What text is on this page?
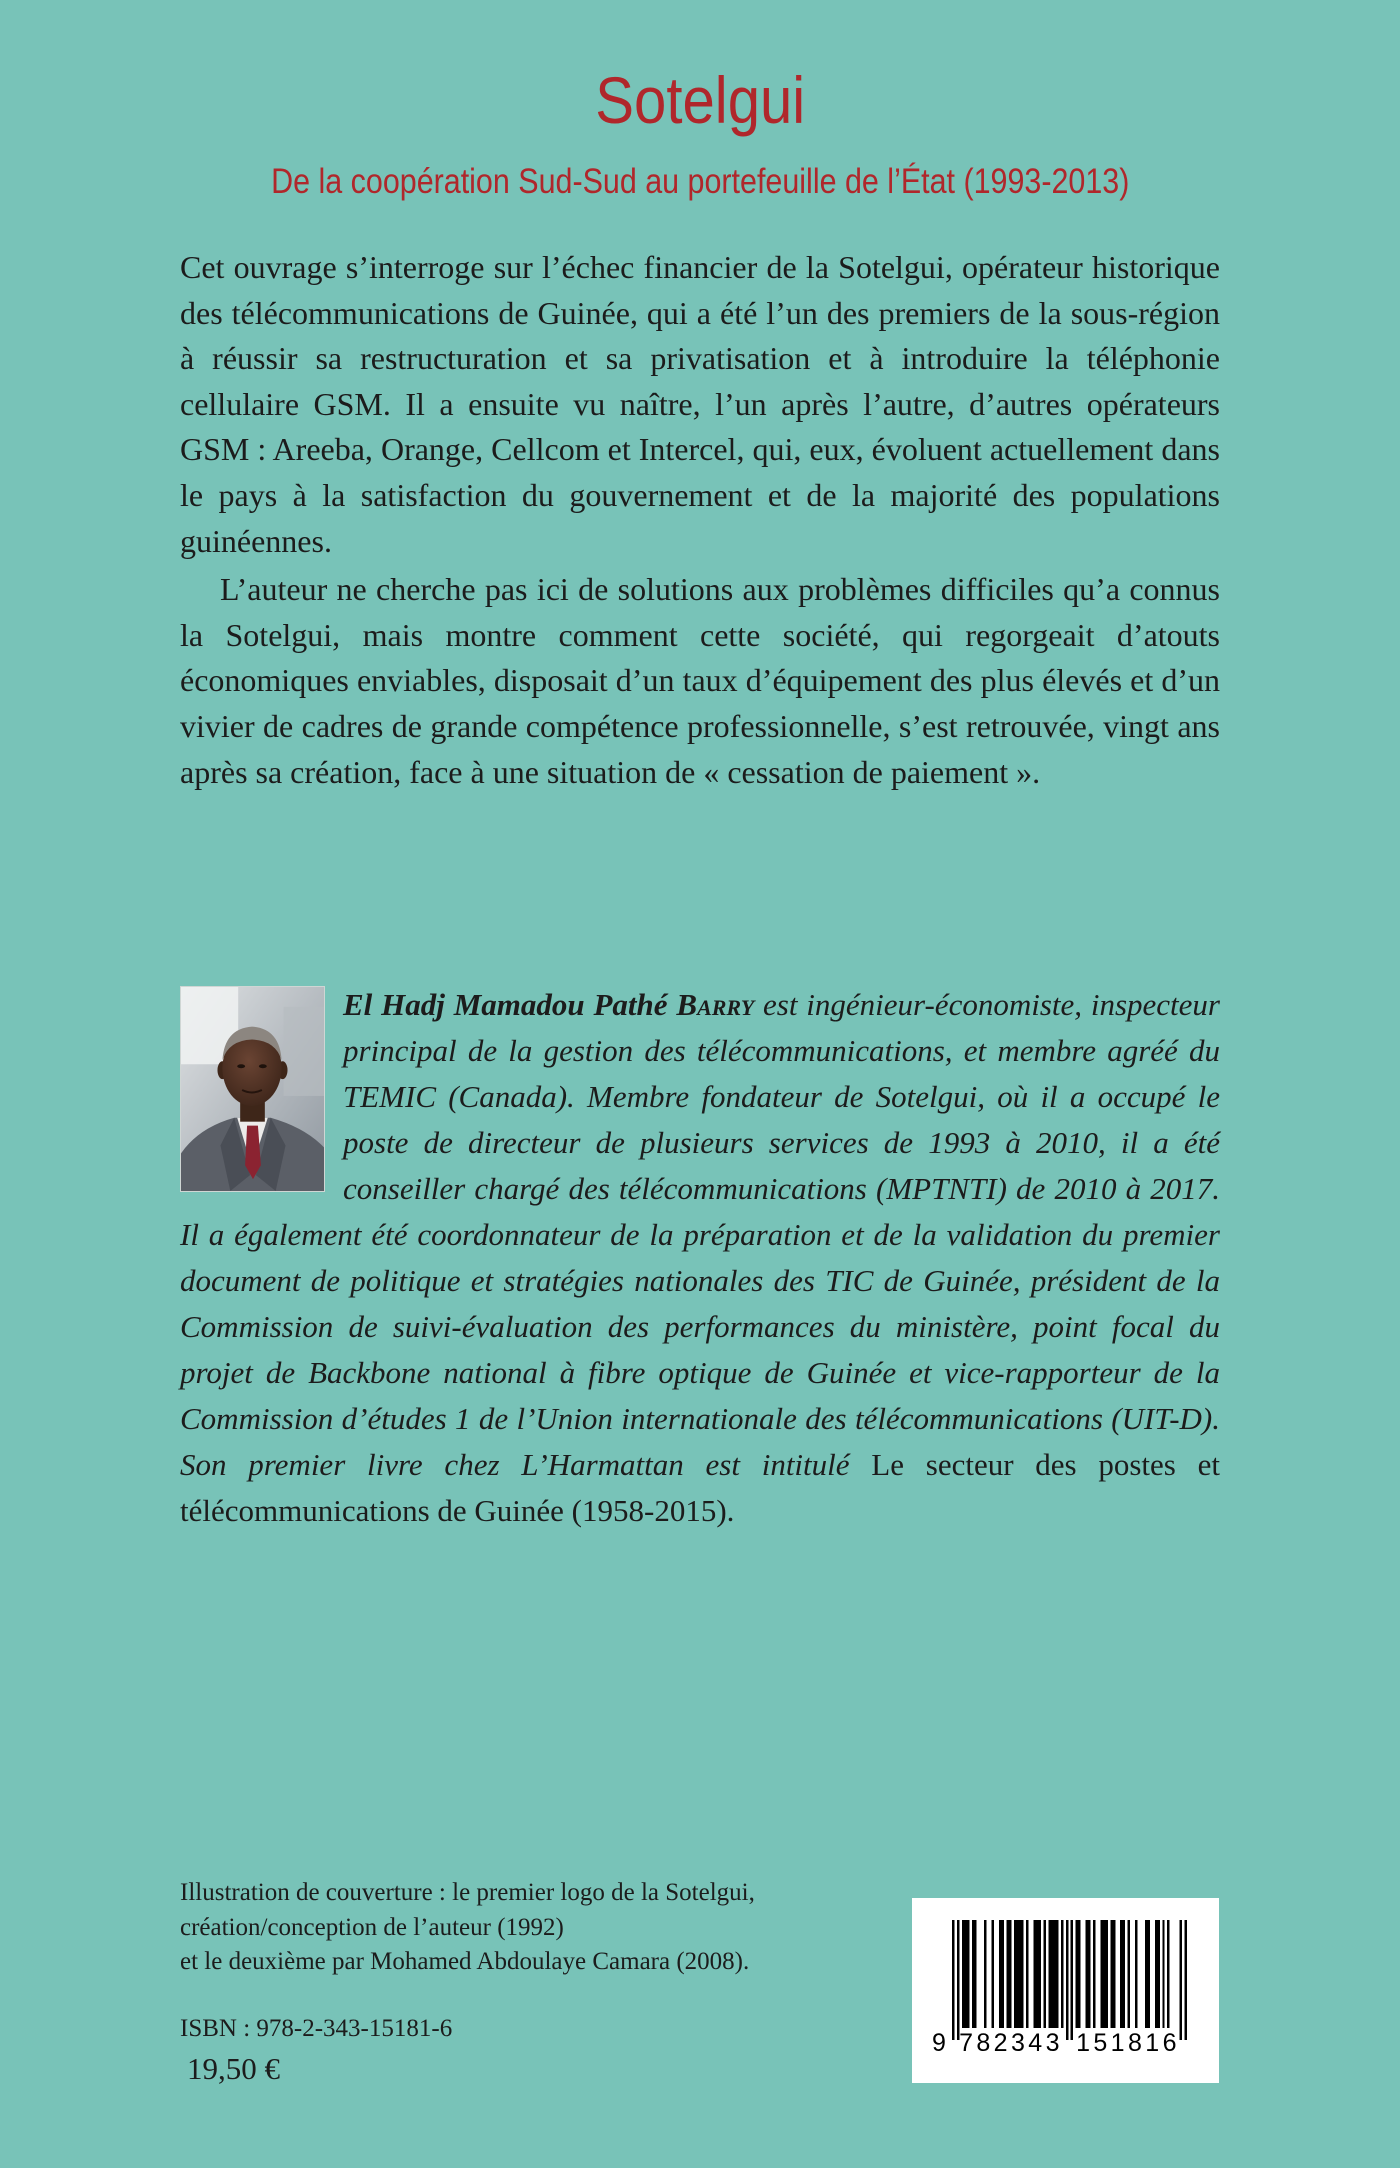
Sotelgui
De la coopération Sud-Sud au portefeuille de l’État (1993-2013)

Cet ouvrage s’interroge sur l’échec financier de la Sotelgui, opérateur historique des télécommunications de Guinée, qui a été l’un des premiers de la sous-région à réussir sa restructuration et sa privatisation et à introduire la téléphonie cellulaire GSM. Il a ensuite vu naître, l’un après l’autre, d’autres opérateurs GSM : Areeba, Orange, Cellcom et Intercel, qui, eux, évoluent actuellement dans le pays à la satisfaction du gouvernement et de la majorité des populations guinéennes.

L’auteur ne cherche pas ici de solutions aux problèmes difficiles qu’a connus la Sotelgui, mais montre comment cette société, qui regorgeait d’atouts économiques enviables, disposait d’un taux d’équipement des plus élevés et d’un vivier de cadres de grande compétence professionnelle, s’est retrouvée, vingt ans après sa création, face à une situation de « cessation de paiement ».

El Hadj Mamadou Pathé Barry est ingénieur-économiste, inspecteur principal de la gestion des télécommunications, et membre agréé du TEMIC (Canada). Membre fondateur de Sotelgui, où il a occupé le poste de directeur de plusieurs services de 1993 à 2010, il a été conseiller chargé des télécommunications (MPTNTI) de 2010 à 2017. Il a également été coordonnateur de la préparation et de la validation du premier document de politique et stratégies nationales des TIC de Guinée, président de la Commission de suivi-évaluation des performances du ministère, point focal du projet de Backbone national à fibre optique de Guinée et vice-rapporteur de la Commission d’études 1 de l’Union internationale des télécommunications (UIT-D). Son premier livre chez L’Harmattan est intitulé Le secteur des postes et télécommunications de Guinée (1958-2015).

Illustration de couverture : le premier logo de la Sotelgui,
création/conception de l’auteur (1992)
et le deuxième par Mohamed Abdoulaye Camara (2008).
ISBN : 978-2-343-15181-6
19,50 €
9 782343 151816
